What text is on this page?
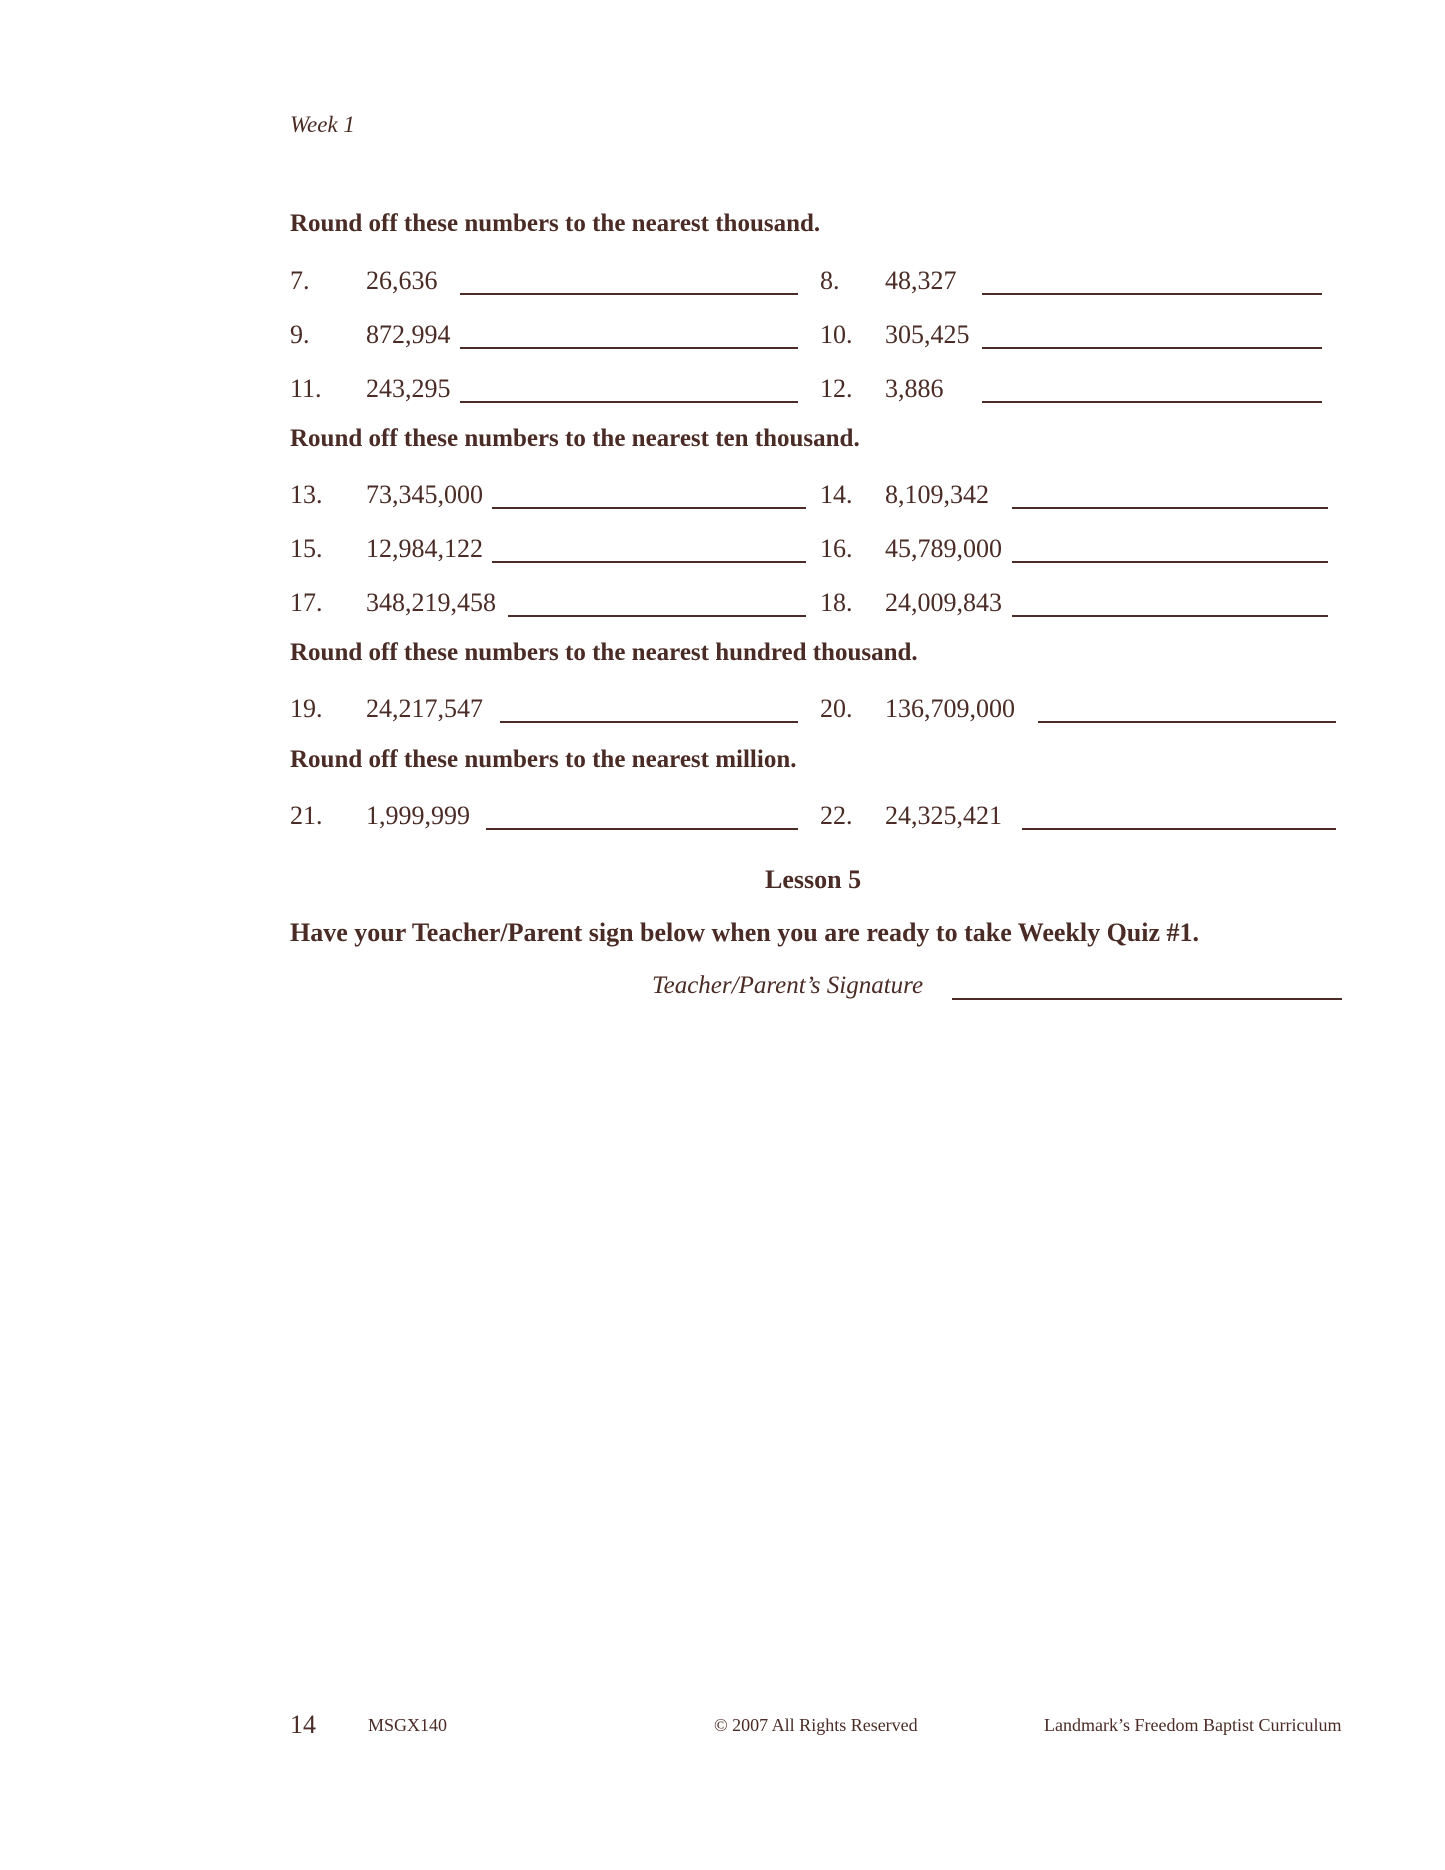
Week 1
Round off these numbers to the nearest thousand.
7. 26,636	8. 48,327
9. 872,994	10. 305,425
11. 243,295	12. 3,886
Round off these numbers to the nearest ten thousand.
13. 73,345,000	14. 8,109,342
15. 12,984,122	16. 45,789,000
17. 348,219,458	18. 24,009,843
Round off these numbers to the nearest hundred thousand.
19. 24,217,547	20. 136,709,000
Round off these numbers to the nearest million.
21. 1,999,999	22. 24,325,421
Lesson 5
Have your Teacher/Parent sign below when you are ready to take Weekly Quiz #1.
Teacher/Parent’s Signature
14	MSGX140	© 2007 All Rights Reserved	Landmark’s Freedom Baptist Curriculum
